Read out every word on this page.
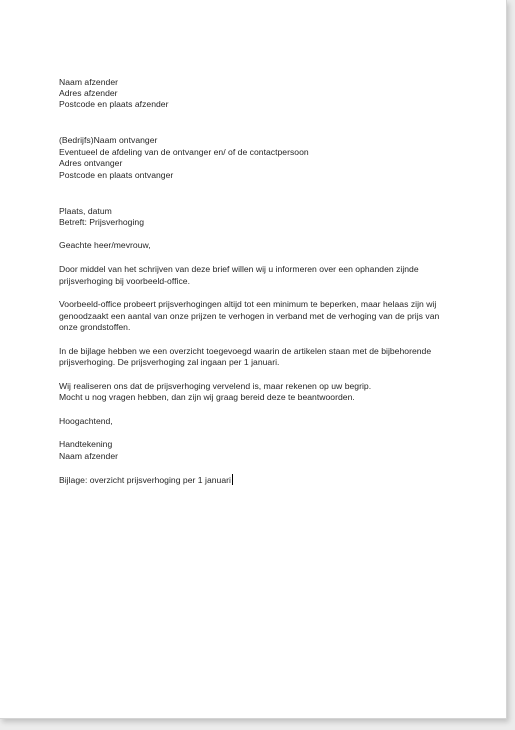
Naam afzender

Adres afzender

Postcode en plaats afzender

(Bedrijfs)Naam ontvanger

Eventueel de afdeling van de ontvanger en/ of de contactpersoon

Adres ontvanger

Postcode en plaats ontvanger

Plaats, datum

Betreft: Prijsverhoging

Geachte heer/mevrouw,

Door middel van het schrijven van deze brief willen wij u informeren over een ophanden zijnde

prijsverhoging bij voorbeeld-office.

Voorbeeld-office probeert prijsverhogingen altijd tot een minimum te beperken, maar helaas zijn wij

genoodzaakt een aantal van onze prijzen te verhogen in verband met de verhoging van de prijs van

onze grondstoffen.

In de bijlage hebben we een overzicht toegevoegd waarin de artikelen staan met de bijbehorende

prijsverhoging. De prijsverhoging zal ingaan per 1 januari.

Wij realiseren ons dat de prijsverhoging vervelend is, maar rekenen op uw begrip.

Mocht u nog vragen hebben, dan zijn wij graag bereid deze te beantwoorden.

Hoogachtend,

Handtekening

Naam afzender

Bijlage: overzicht prijsverhoging per 1 januari
